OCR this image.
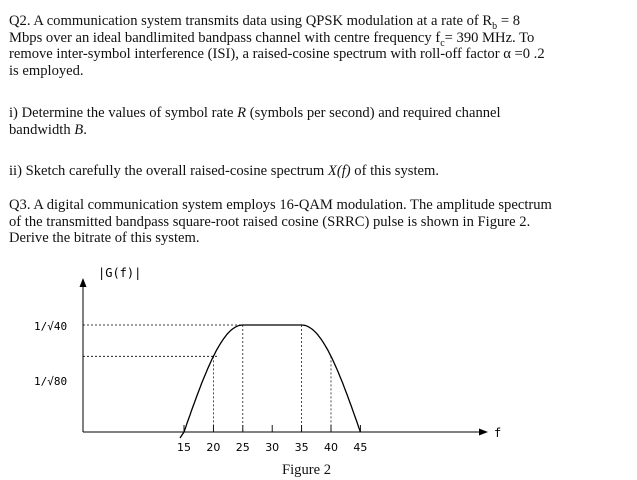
Q2. A communication system transmits data using QPSK modulation at a rate of $R_b = 8$

Mbps over an ideal bandlimited bandpass channel with centre frequency $f_c= 390$ MHz. To

remove inter-symbol interference (ISI), a raised-cosine spectrum with roll-off factor α =0 .2

is employed.

i) Determine the values of symbol rate R (symbols per second) and required channel

bandwidth B.

ii) Sketch carefully the overall raised-cosine spectrum X(f) of this system.

Q3. A digital communication system employs 16-QAM modulation. The amplitude spectrum

of the transmitted bandpass square-root raised cosine (SRRC) pulse is shown in Figure 2.

Derive the bitrate of this system.

|G(f)|
f
1/√40
1/√80
15 20 25 30 35 40 45
Figure 2
